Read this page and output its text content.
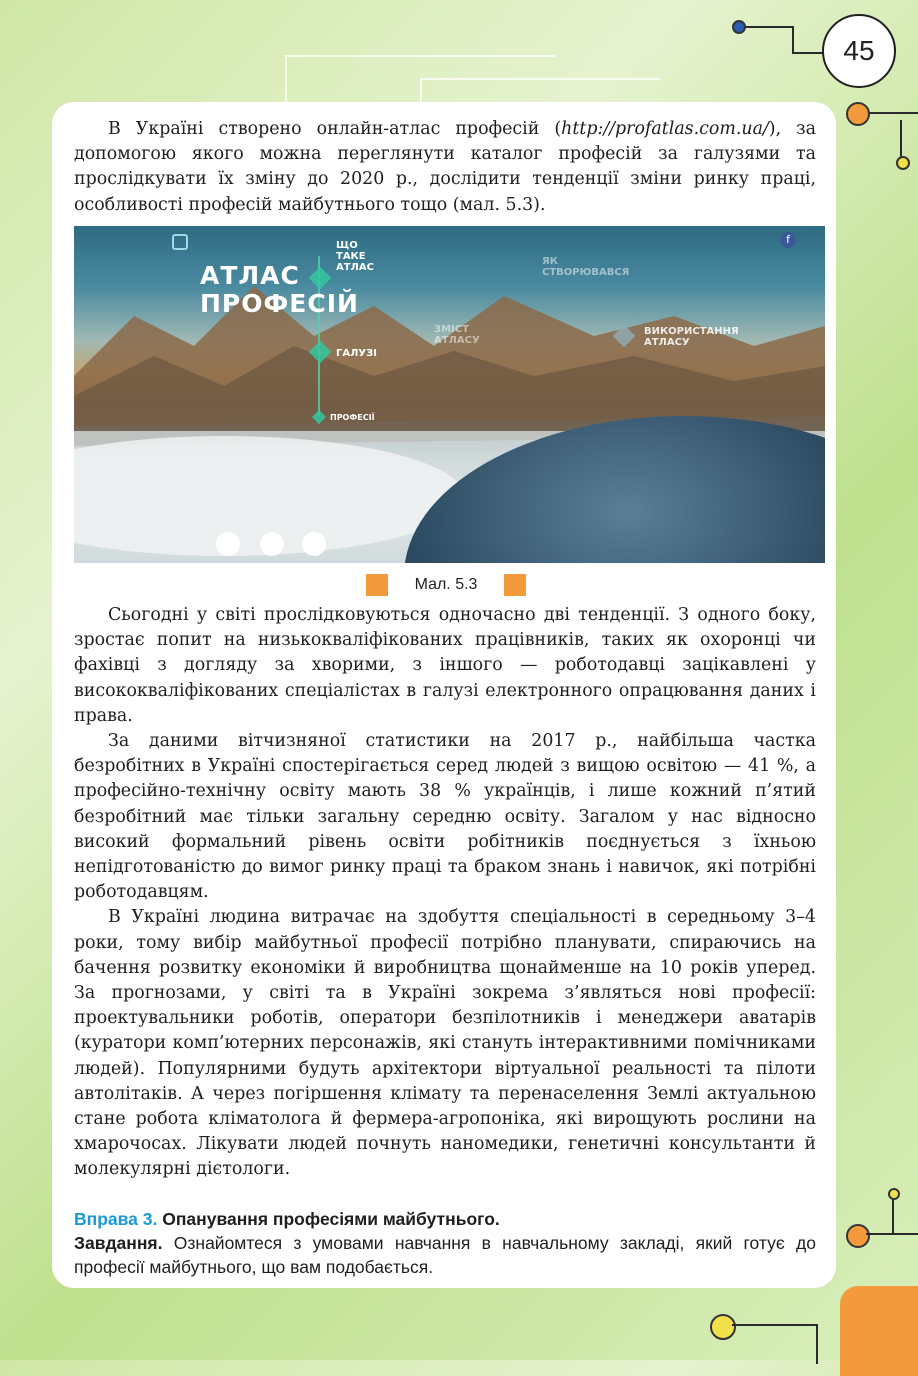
45

В Україні створено онлайн-атлас професій (http://profatlas.com.ua/), за допомогою якого можна переглянути каталог професій за галузями та прослідкувати їх зміну до 2020 р., дослідити тенденції зміни ринку праці, особливості професій майбутнього тощо (мал. 5.3).

АТЛАС
ПРОФЕСІЙ
ЩО
ТАКЕ
АТЛАС
ГАЛУЗІ
ПРОФЕСІЇ
ЯК СТВОРЮВАВСЯ
ЗМІСТ АТЛАСУ
ВИКОРИСТАННЯ АТЛАСУ
f
Мал. 5.3

Сьогодні у світі прослідковуються одночасно дві тенденції. З одного боку, зростає попит на низькокваліфікованих працівників, таких як охоронці чи фахівці з догляду за хворими, з іншого — роботодавці зацікавлені у висококваліфікованих спеціалістах в галузі електронного опрацювання даних і права.

За даними вітчизняної статистики на 2017 р., найбільша частка безробітних в Україні спостерігається серед людей з вищою освітою — 41 %, а професійно-технічну освіту мають 38 % українців, і лише кожний п’ятий безробітний має тільки загальну середню освіту. Загалом у нас відносно високий формальний рівень освіти робітників поєднується з їхньою непідготованістю до вимог ринку праці та браком знань і навичок, які потрібні роботодавцям.

В Україні людина витрачає на здобуття спеціальності в середньому 3–4 роки, тому вибір майбутньої професії потрібно планувати, спираючись на бачення розвитку економіки й виробництва щонайменше на 10 років уперед. За прогнозами, у світі та в Україні зокрема з’являться нові професії: проектувальники роботів, оператори безпілотників і менеджери аватарів (куратори комп’ютерних персонажів, які стануть інтерактивними помічниками людей). Популярними будуть архітектори віртуальної реальності та пілоти автолітаків. А через погіршення клімату та перенаселення Землі актуальною стане робота кліматолога й фермера-агропоніка, які вирощують рослини на хмарочосах. Лікувати людей почнуть наномедики, генетичні консультанти й молекулярні дієтологи.

Вправа 3. Опанування професіями майбутнього.
Завдання. Ознайомтеся з умовами навчання в навчальному закладі, який готує до професії майбутнього, що вам подобається.
